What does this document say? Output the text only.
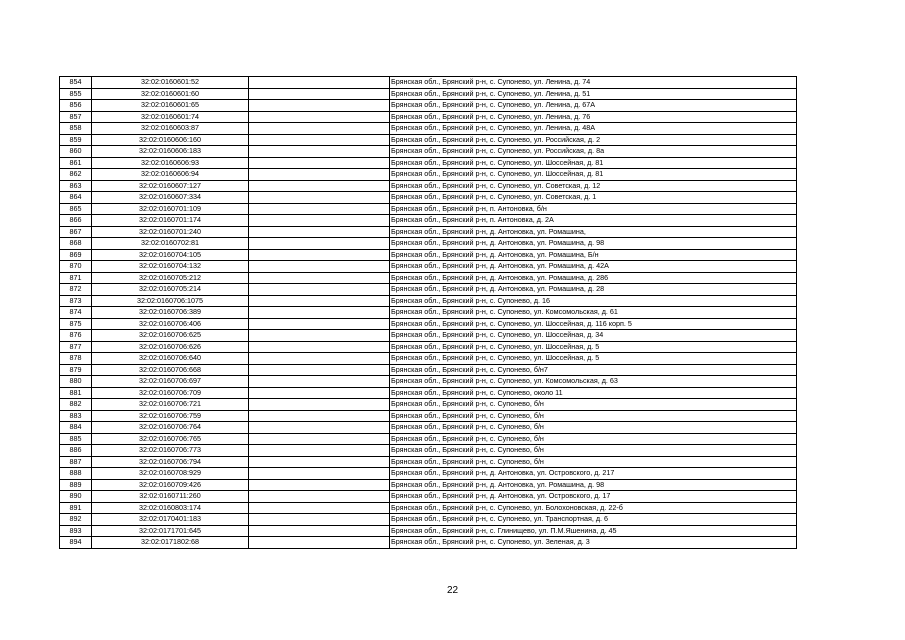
854	32:02:0160601:52		Брянская обл., Брянский р-н, с. Супонево, ул. Ленина, д. 74
855	32:02:0160601:60		Брянская обл., Брянский р-н, с. Супонево, ул. Ленина, д. 51
856	32:02:0160601:65		Брянская обл., Брянский р-н, с. Супонево, ул. Ленина, д. 67А
857	32:02:0160601:74		Брянская обл., Брянский р-н, с. Супонево, ул. Ленина, д. 76
858	32:02:0160603:87		Брянская обл., Брянский р-н, с. Супонево, ул. Ленина, д. 48А
859	32:02:0160606:160		Брянская обл., Брянский р-н, с. Супонево, ул. Российская, д. 2
860	32:02:0160606:183		Брянская обл., Брянский р-н, с. Супонево, ул. Российская, д. 8а
861	32:02:0160606:93		Брянская обл., Брянский р-н, с. Супонево, ул. Шоссейная, д. 81
862	32:02:0160606:94		Брянская обл., Брянский р-н, с. Супонево, ул. Шоссейная, д. 81
863	32:02:0160607:127		Брянская обл., Брянский р-н, с. Супонево, ул. Советская, д. 12
864	32:02:0160607:334		Брянская обл., Брянский р-н, с. Супонево, ул. Советская, д. 1
865	32:02:0160701:109		Брянская обл., Брянский р-н, п. Антоновка, б/н
866	32:02:0160701:174		Брянская обл., Брянский р-н, п. Антоновка, д. 2А
867	32:02:0160701:240		Брянская обл., Брянский р-н, д. Антоновка, ул. Ромашина,
868	32:02:0160702:81		Брянская обл., Брянский р-н, д. Антоновка, ул. Ромашина, д. 98
869	32:02:0160704:105		Брянская обл., Брянский р-н, д. Антоновка, ул. Ромашина, Б/н
870	32:02:0160704:132		Брянская обл., Брянский р-н, д. Антоновка, ул. Ромашина, д. 42А
871	32:02:0160705:212		Брянская обл., Брянский р-н, д. Антоновка, ул. Ромашина, д. 286
872	32:02:0160705:214		Брянская обл., Брянский р-н, д. Антоновка, ул. Ромашина, д. 28
873	32:02:0160706:1075		Брянская обл., Брянский р-н, с. Супонево, д. 16
874	32:02:0160706:389		Брянская обл., Брянский р-н, с. Супонево, ул. Комсомольская, д. 61
875	32:02:0160706:406		Брянская обл., Брянский р-н, с. Супонево, ул. Шоссейная, д. 116 корп. 5
876	32:02:0160706:625		Брянская обл., Брянский р-н, с. Супонево, ул. Шоссейная, д. 34
877	32:02:0160706:626		Брянская обл., Брянский р-н, с. Супонево, ул. Шоссейная, д. 5
878	32:02:0160706:640		Брянская обл., Брянский р-н, с. Супонево, ул. Шоссейная, д. 5
879	32:02:0160706:668		Брянская обл., Брянский р-н, с. Супонево, б/н7
880	32:02:0160706:697		Брянская обл., Брянский р-н, с. Супонево, ул. Комсомольская, д. 63
881	32:02:0160706:709		Брянская обл., Брянский р-н, с. Супонево, около 11
882	32:02:0160706:721		Брянская обл., Брянский р-н, с. Супонево, б/н
883	32:02:0160706:759		Брянская обл., Брянский р-н, с. Супонево, б/н
884	32:02:0160706:764		Брянская обл., Брянский р-н, с. Супонево, б/н
885	32:02:0160706:765		Брянская обл., Брянский р-н, с. Супонево, б/н
886	32:02:0160706:773		Брянская обл., Брянский р-н, с. Супонево, б/н
887	32:02:0160706:794		Брянская обл., Брянский р-н, с. Супонево, б/н
888	32:02:0160708:929		Брянская обл., Брянский р-н, д. Антоновка, ул. Островского, д. 217
889	32:02:0160709:426		Брянская обл., Брянский р-н, д. Антоновка, ул. Ромашина, д. 98
890	32:02:0160711:260		Брянская обл., Брянский р-н, д. Антоновка, ул. Островского, д. 17
891	32:02:0160803:174		Брянская обл., Брянский р-н, с. Супонево, ул. Болохоновская, д. 22-б
892	32:02:0170401:183		Брянская обл., Брянский р-н, с. Супонево, ул. Транспортная, д. 6
893	32:02:0171701:645		Брянская обл., Брянский р-н, с. Глинищево, ул. П.М.Яшенина, д. 45
894	32:02:0171802:68		Брянская обл., Брянский р-н, с. Супонево, ул. Зеленая, д. 3
22
